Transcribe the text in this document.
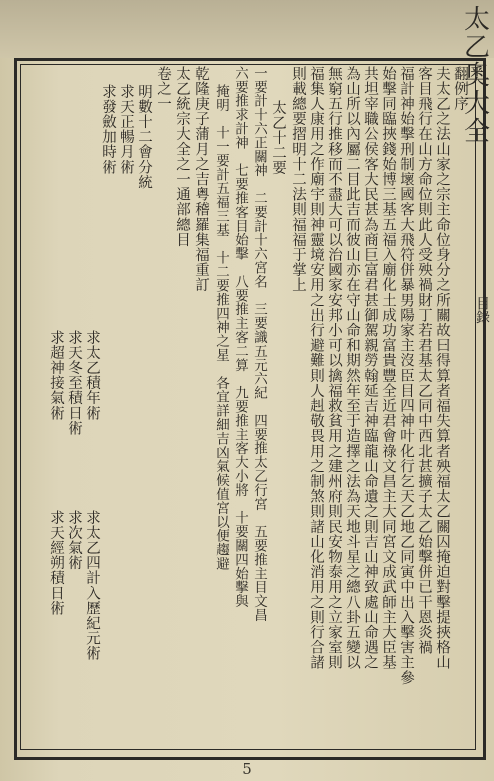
太
乙
奧
大
全
目錄
翻例序
夫太乙之法山家之宗主命位身分之所關故曰得算者福失算者殃福太乙關囚掩迫對擊提挾格山
客目飛行在山方命位則此人受殃禍財丁若君基太乙同中西北甚擴子太乙始擊併已干恩炎禍
福計神始擊刑制壞國客大飛符併暴男陽家主沒臣目四神叶化行乞天乙地乙同寅中出入擊害主參
始擊同臨挾錢始博三基五福入廟化土成功富貴豐全近君會祿文昌主大同宮文成武師主大臣基
共坦宰職公侯客大民甚為商巨富君甚御駕親勞翰延吉神臨龍山命遺之則吉山神致處山命遇之
為山所以內屬二目此吉而彼山亦在守山命和期然年至于造擇之法為天地斗星之總八卦五變以
無窮五行推移而不盡大可以治國家安邦小可以擒福救貧用之建州府則民安物泰用之立家室則
福集人康用之作廟宇則神靈境安用之出行避難則人赳敬畏用之制煞則諸山化消用之則行合諸
則載總要摺明十二法則福福于掌上
太乙十二要
一要計十六正關神　二要計十六宮名　三要識五元六紀　四要推太乙行宮　五要推主目文昌
六要推求計神　七要推客目始擊　八要推主客二算　九要推主客大小將　十要關四始擊與
掩明　十一要計五福三基　十二要推四神之星　各宜詳細吉凶氣候值宮以便趨避
乾隆庚子蒲月之吉粤稽羅集福重訂
太乙統宗大全之一通部總目
卷之一
明數十二會分統
求天正暢月術
求發斂加時術
求太乙積年術
求天冬至積日術
求超神接氣術
求太乙四計入歷紀元術
求次氣術
求天經朔積日術
5
